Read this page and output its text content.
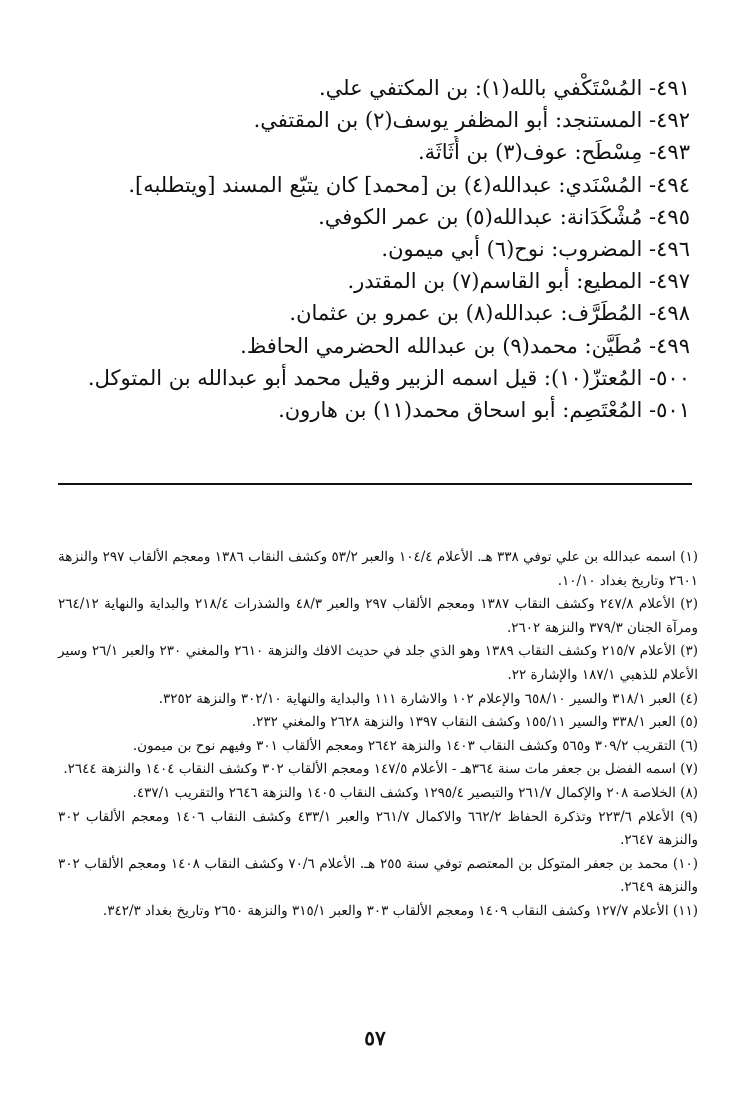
٤٩١- المُسْتَكْفي بالله(١): بن المكتفي علي.
٤٩٢- المستنجد: أبو المظفر يوسف(٢) بن المقتفي.
٤٩٣- مِسْطَح: عوف(٣) بن أُثَاثَة.
٤٩٤- المُسْنَدي: عبدالله(٤) بن [محمد] كان يتبّع المسند [ويتطلبه].
٤٩٥- مُشْكَدَانة: عبدالله(٥) بن عمر الكوفي.
٤٩٦- المضروب: نوح(٦) أبي ميمون.
٤٩٧- المطيع: أبو القاسم(٧) بن المقتدر.
٤٩٨- المُطَرَّف: عبدالله(٨) بن عمرو بن عثمان.
٤٩٩- مُطَيَّن: محمد(٩) بن عبدالله الحضرمي الحافظ.
٥٠٠- المُعتزّ(١٠): قيل اسمه الزبير وقيل محمد أبو عبدالله بن المتوكل.
٥٠١- المُعْتَصِم: أبو اسحاق محمد(١١) بن هارون.

(١) اسمه عبدالله بن علي توفي ٣٣٨ هـ. الأعلام ١٠٤/٤ والعبر ٥٣/٢ وكشف النقاب ١٣٨٦ ومعجم الألقاب ٢٩٧ والنزهة ٢٦٠١ وتاريخ بغداد ١٠/١٠.

(٢) الأعلام ٢٤٧/٨ وكشف النقاب ١٣٨٧ ومعجم الألقاب ٢٩٧ والعبر ٤٨/٣ والشذرات ٢١٨/٤ والبداية والنهاية ٢٦٤/١٢ ومرآة الجنان ٣٧٩/٣ والنزهة ٢٦٠٢.

(٣) الأعلام ٢١٥/٧ وكشف النقاب ١٣٨٩ وهو الذي جلد في حديث الافك والنزهة ٢٦١٠ والمغني ٢٣٠ والعبر ٢٦/١ وسير الأعلام للذهبي ١٨٧/١ والإشارة ٢٢.

(٤) العبر ٣١٨/١ والسير ٦٥٨/١٠ والإعلام ١٠٢ والاشارة ١١١ والبداية والنهاية ٣٠٢/١٠ والنزهة ٣٢٥٢.

(٥) العبر ٣٣٨/١ والسير ١٥٥/١١ وكشف النقاب ١٣٩٧ والنزهة ٢٦٢٨ والمغني ٢٣٢.

(٦) التقريب ٣٠٩/٢ و٥٦٥ وكشف النقاب ١٤٠٣ والنزهة ٢٦٤٢ ومعجم الألقاب ٣٠١ وفيهم نوح بن ميمون.

(٧) اسمه الفضل بن جعفر مات سنة ٣٦٤هـ - الأعلام ١٤٧/٥ ومعجم الألقاب ٣٠٢ وكشف النقاب ١٤٠٤ والنزهة ٢٦٤٤.

(٨) الخلاصة ٢٠٨ والإكمال ٢٦١/٧ والتبصير ١٢٩٥/٤ وكشف النقاب ١٤٠٥ والنزهة ٢٦٤٦ والتقريب ٤٣٧/١.

(٩) الأعلام ٢٢٣/٦ وتذكرة الحفاظ ٦٦٢/٢ والاكمال ٢٦١/٧ والعبر ٤٣٣/١ وكشف النقاب ١٤٠٦ ومعجم الألقاب ٣٠٢ والنزهة ٢٦٤٧.

(١٠) محمد بن جعفر المتوكل بن المعتصم توفي سنة ٢٥٥ هـ. الأعلام ٧٠/٦ وكشف النقاب ١٤٠٨ ومعجم الألقاب ٣٠٢ والنزهة ٢٦٤٩.

(١١) الأعلام ١٢٧/٧ وكشف النقاب ١٤٠٩ ومعجم الألقاب ٣٠٣ والعبر ٣١٥/١ والنزهة ٢٦٥٠ وتاريخ بغداد ٣٤٢/٣.

٥٧
